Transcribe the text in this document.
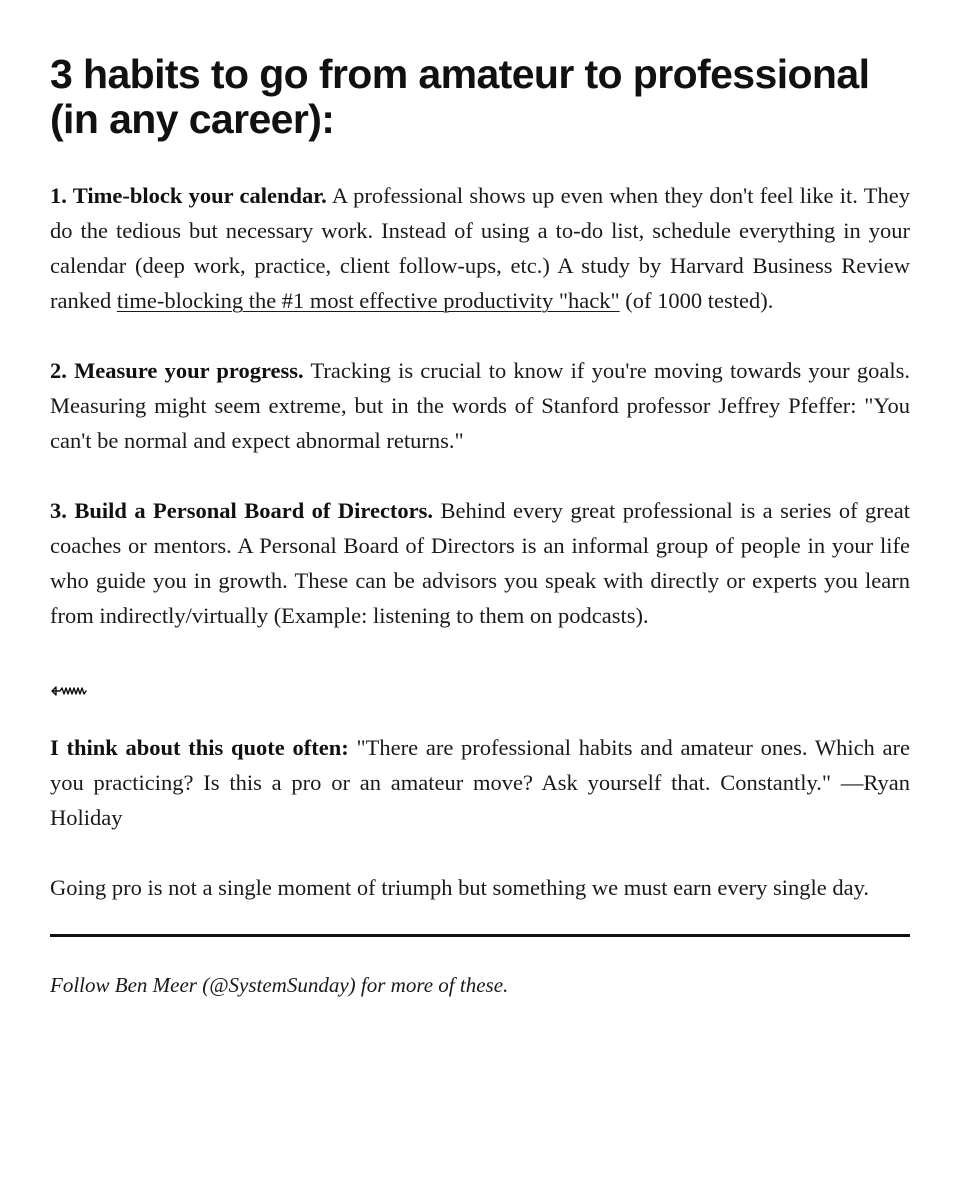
3 habits to go from amateur to professional (in any career):

1. Time-block your calendar. A professional shows up even when they don't feel like it. They do the tedious but necessary work. Instead of using a to-do list, schedule everything in your calendar (deep work, practice, client follow-ups, etc.) A study by Harvard Business Review ranked time-blocking the #1 most effective productivity "hack" (of 1000 tested).

2. Measure your progress. Tracking is crucial to know if you're moving towards your goals. Measuring might seem extreme, but in the words of Stanford professor Jeffrey Pfeffer: "You can't be normal and expect abnormal returns."

3. Build a Personal Board of Directors. Behind every great professional is a series of great coaches or mentors. A Personal Board of Directors is an informal group of people in your life who guide you in growth. These can be advisors you speak with directly or experts you learn from indirectly/virtually (Example: listening to them on podcasts).

I think about this quote often: "There are professional habits and amateur ones. Which are you practicing? Is this a pro or an amateur move? Ask yourself that. Constantly." —Ryan Holiday

Going pro is not a single moment of triumph but something we must earn every single day.

Follow Ben Meer (@SystemSunday) for more of these.
